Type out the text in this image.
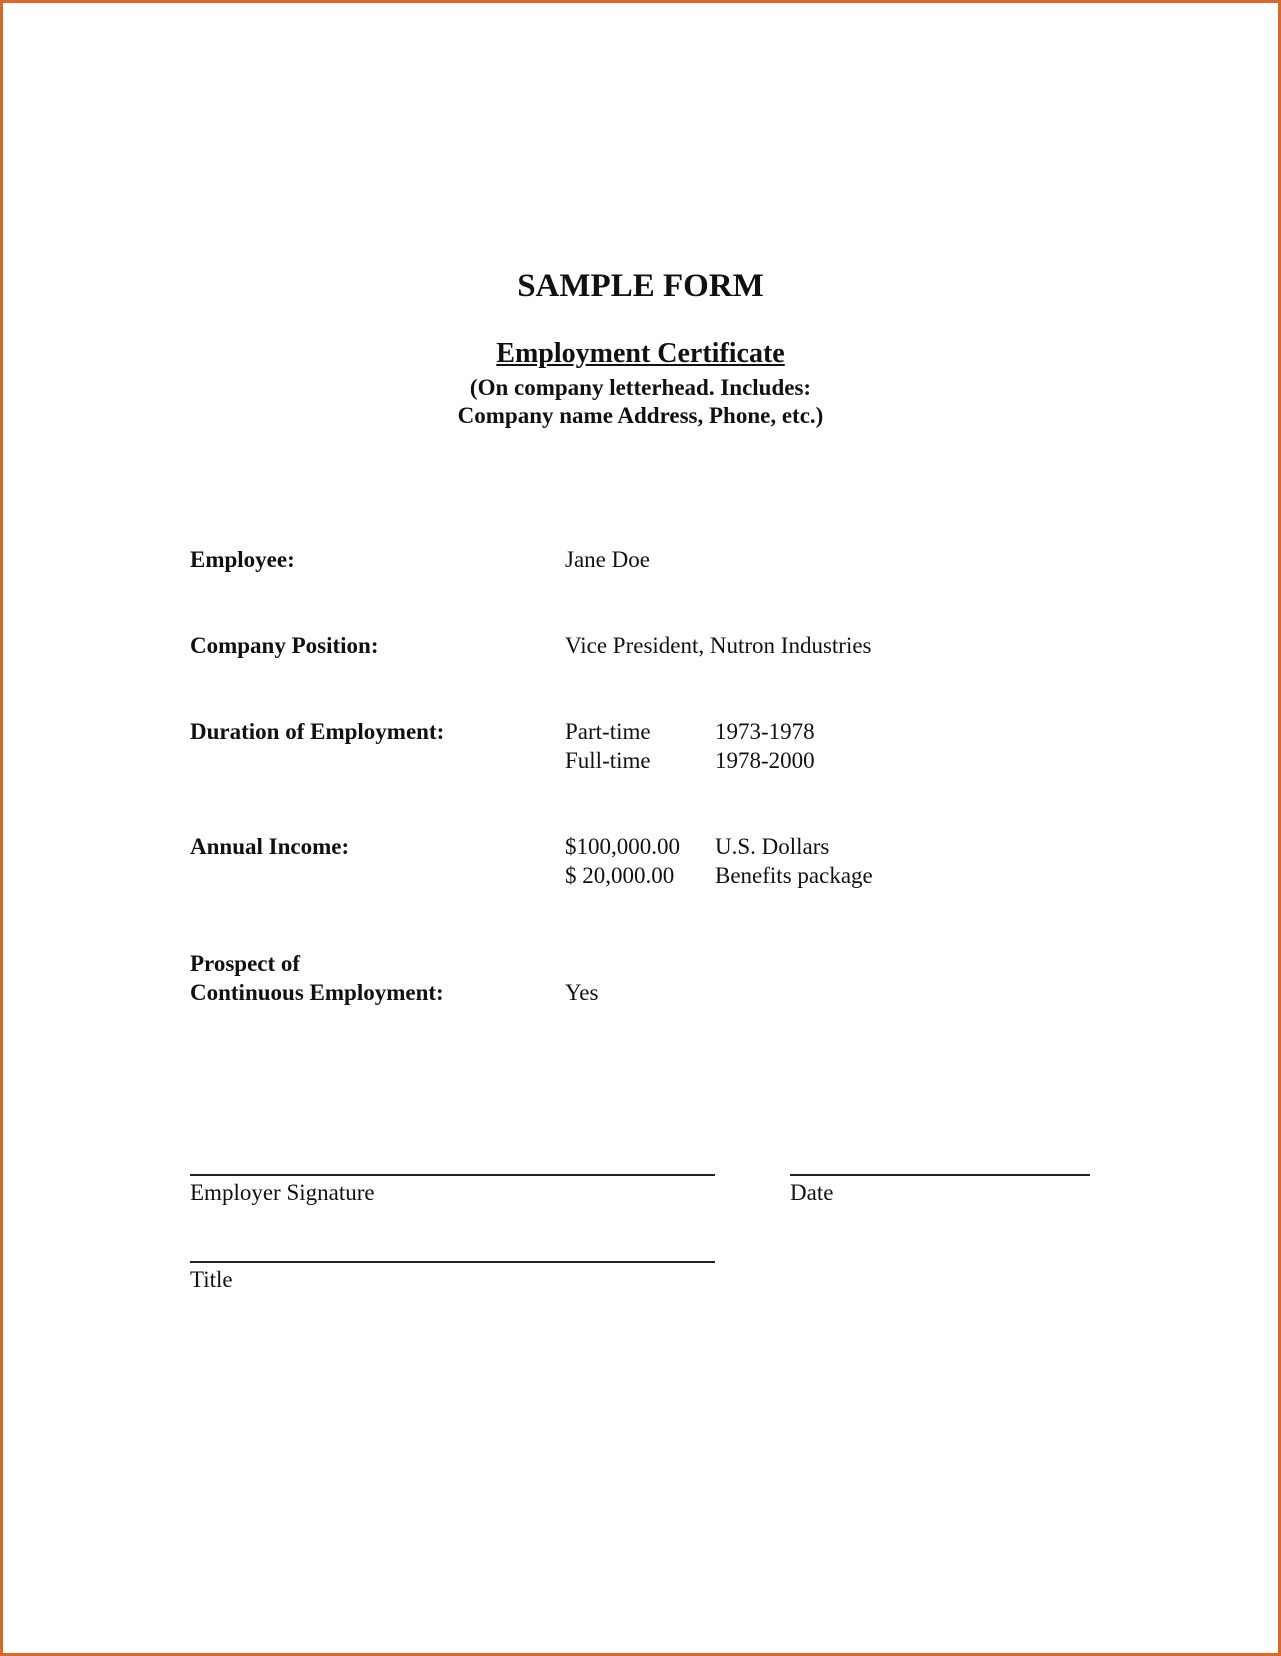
SAMPLE FORM
Employment Certificate
(On company letterhead. Includes:
Company name Address, Phone, etc.)
Employee:	Jane Doe
Company Position:	Vice President, Nutron Industries
Duration of Employment:	Part-time	1973-1978
Full-time	1978-2000
Annual Income:	$100,000.00 U.S. Dollars
$ 20,000.00 Benefits package
Prospect of
Continuous Employment:	Yes
Employer Signature	Date
Title
